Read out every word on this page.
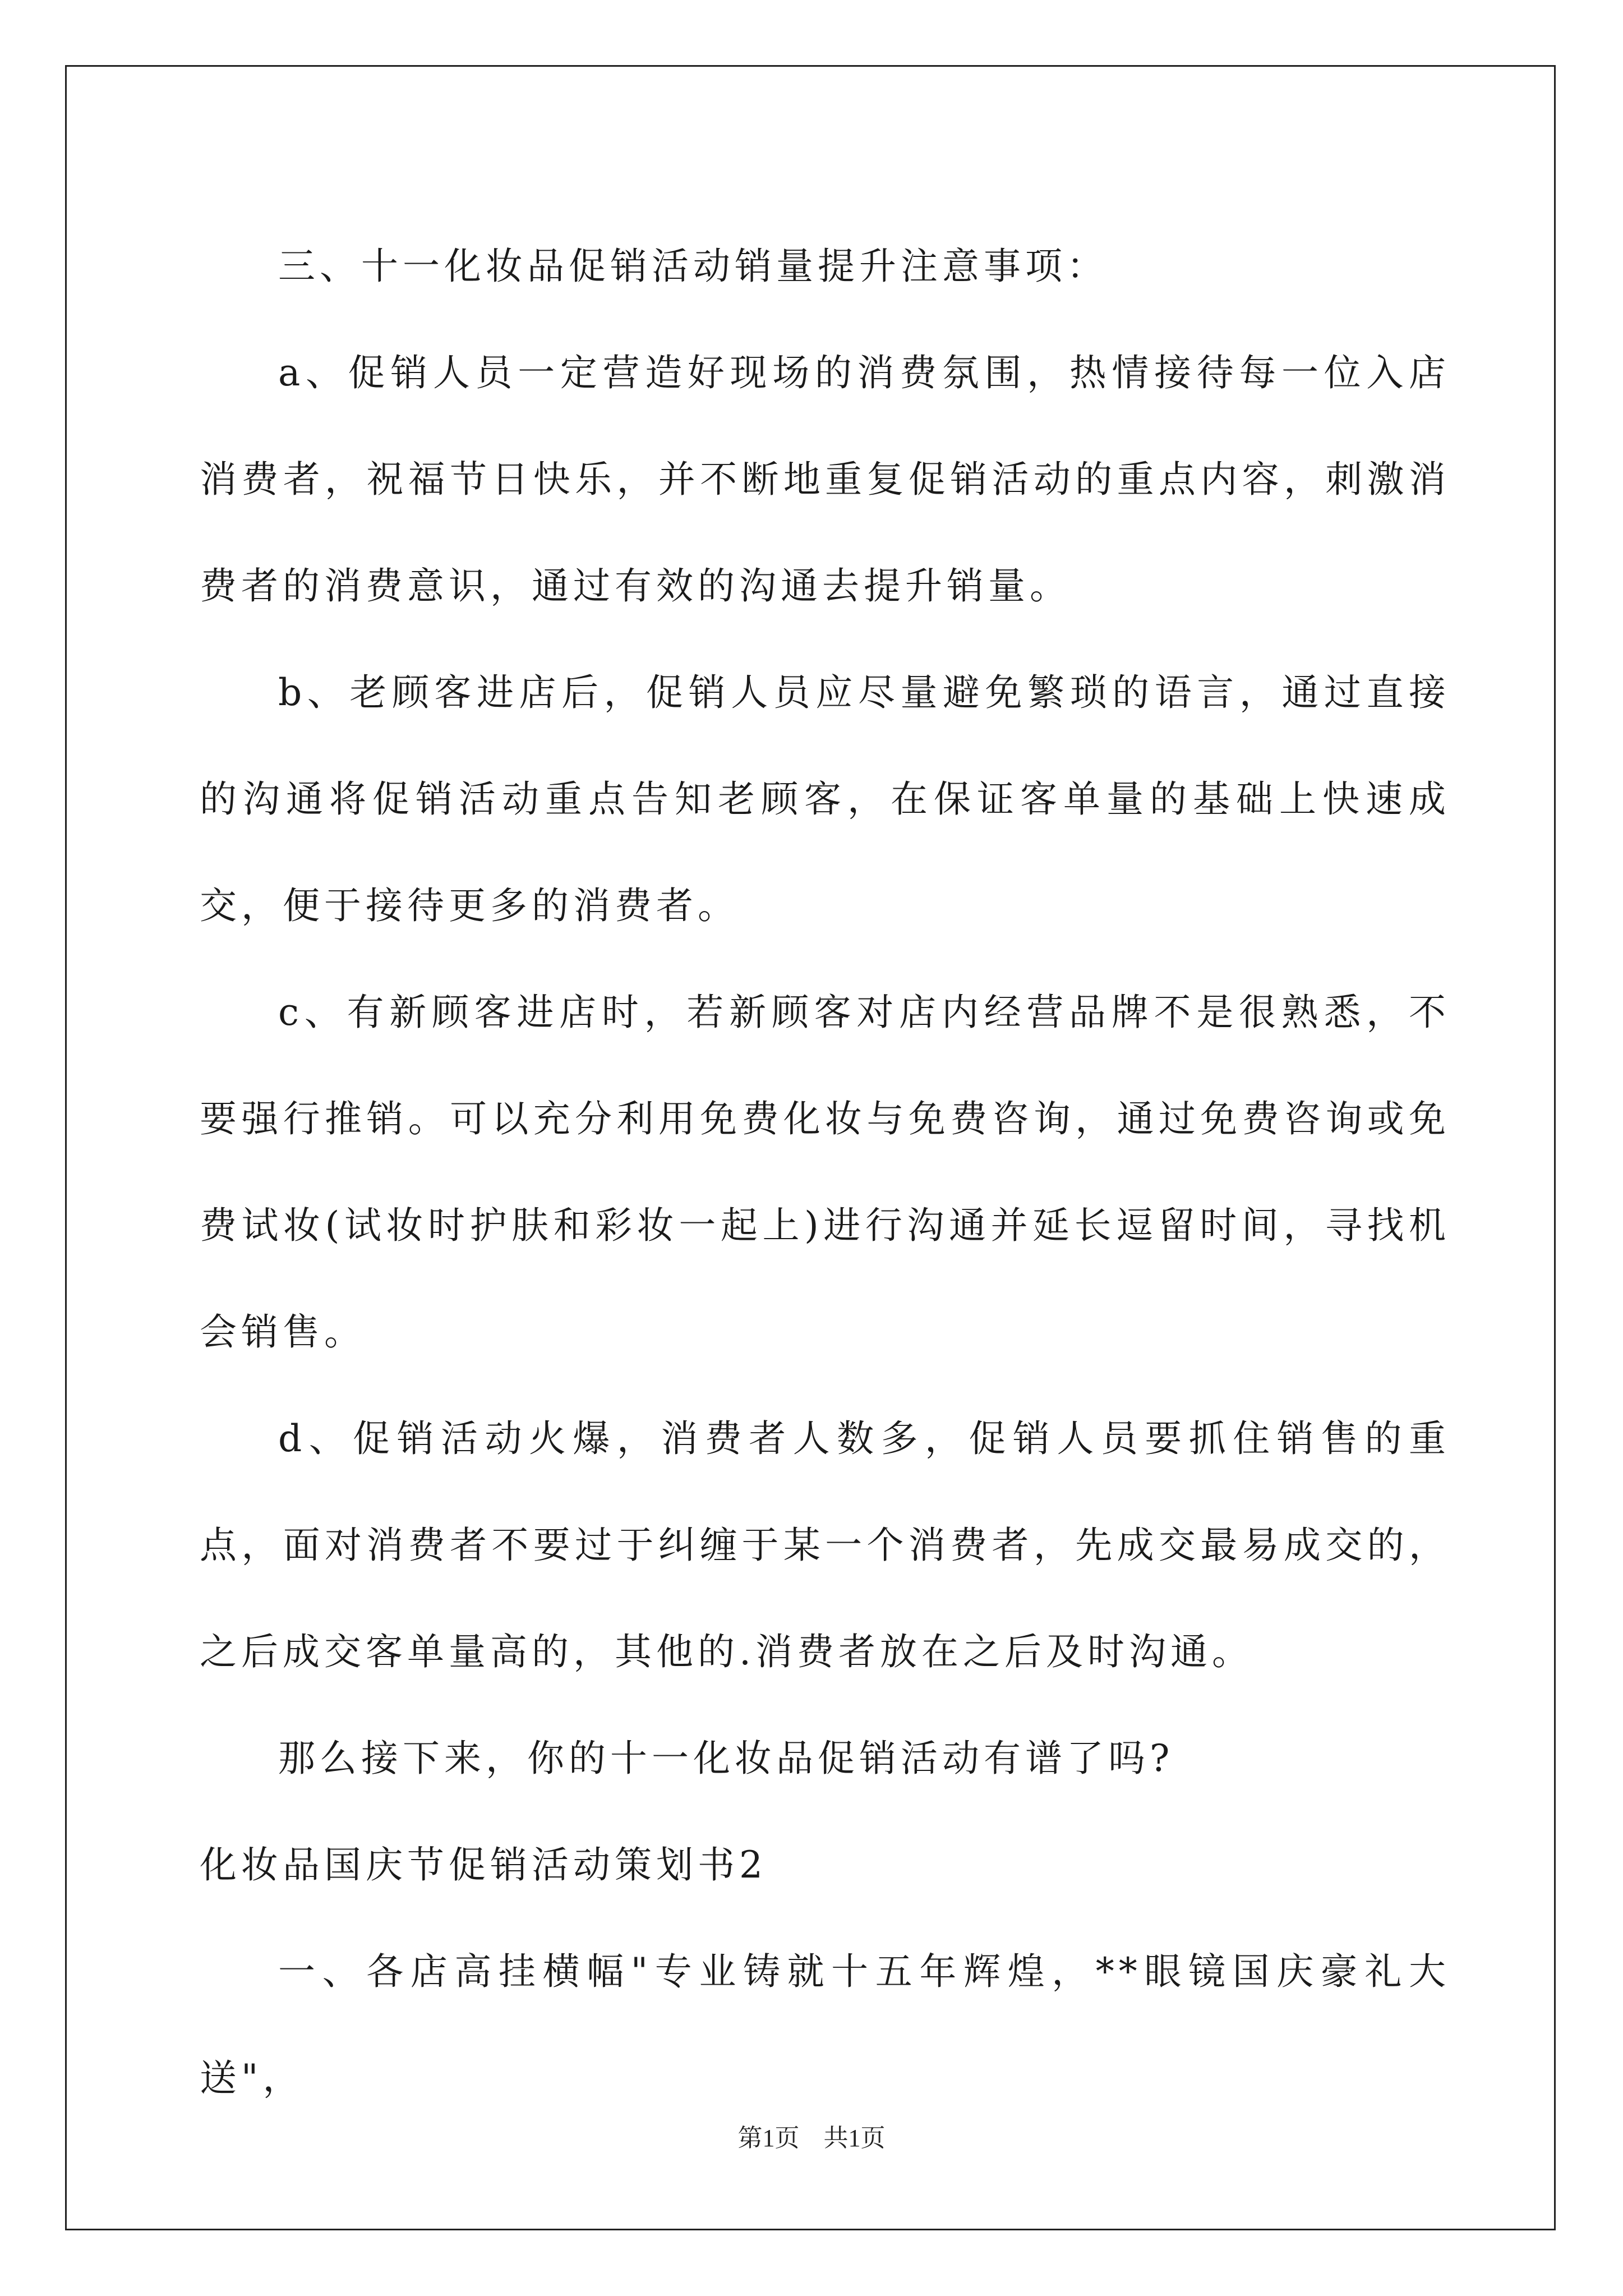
三、十一化妆品促销活动销量提升注意事项：

a、促销人员一定营造好现场的消费氛围，热情接待每一位入店消费者，祝福节日快乐，并不断地重复促销活动的重点内容，刺激消费者的消费意识，通过有效的沟通去提升销量。

b、老顾客进店后，促销人员应尽量避免繁琐的语言，通过直接的沟通将促销活动重点告知老顾客，在保证客单量的基础上快速成交，便于接待更多的消费者。

c、有新顾客进店时，若新顾客对店内经营品牌不是很熟悉，不要强行推销。可以充分利用免费化妆与免费咨询，通过免费咨询或免费试妆(试妆时护肤和彩妆一起上)进行沟通并延长逗留时间，寻找机会销售。

d、促销活动火爆，消费者人数多，促销人员要抓住销售的重点，面对消费者不要过于纠缠于某一个消费者，先成交最易成交的，之后成交客单量高的，其他的.消费者放在之后及时沟通。

那么接下来，你的十一化妆品促销活动有谱了吗?

化妆品国庆节促销活动策划书2

一、各店高挂横幅"专业铸就十五年辉煌，**眼镜国庆豪礼大送"，

第1页 共1页
